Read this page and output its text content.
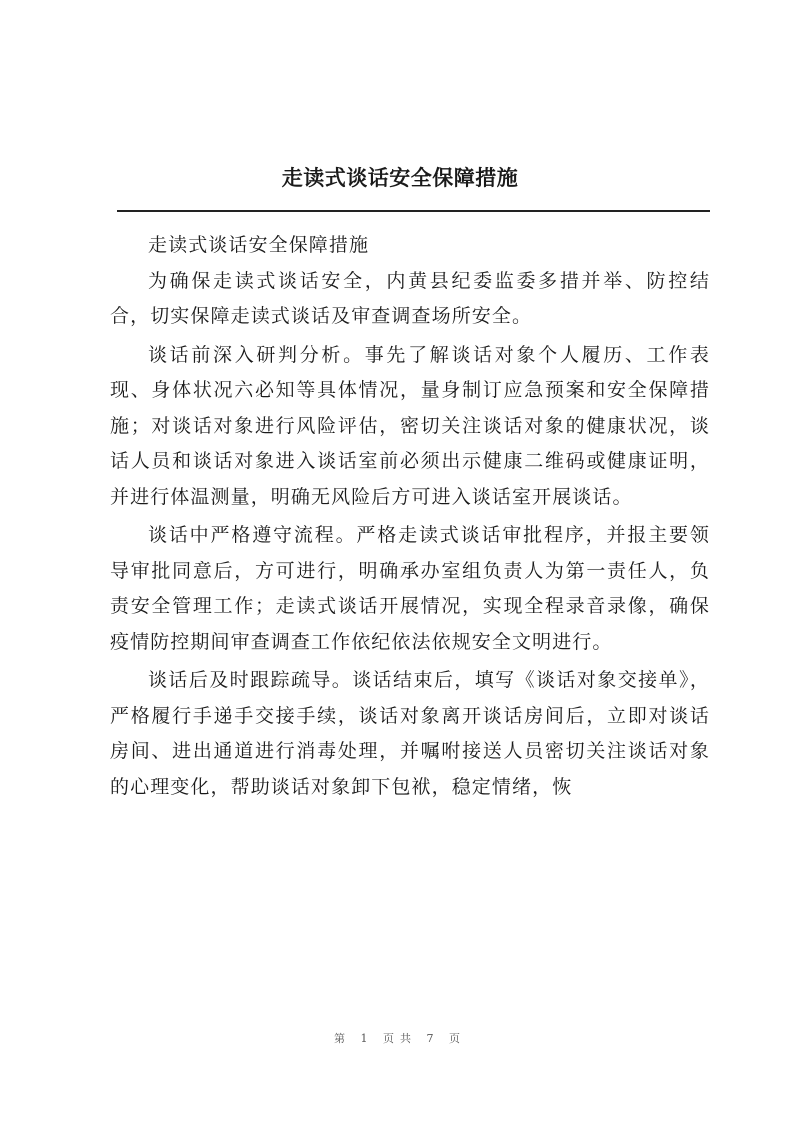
走读式谈话安全保障措施

走读式谈话安全保障措施

为确保走读式谈话安全，内黄县纪委监委多措并举、防控结合，切实保障走读式谈话及审查调查场所安全。

谈话前深入研判分析。事先了解谈话对象个人履历、工作表现、身体状况六必知等具体情况，量身制订应急预案和安全保障措施；对谈话对象进行风险评估，密切关注谈话对象的健康状况，谈话人员和谈话对象进入谈话室前必须出示健康二维码或健康证明，并进行体温测量，明确无风险后方可进入谈话室开展谈话。

谈话中严格遵守流程。严格走读式谈话审批程序，并报主要领导审批同意后，方可进行，明确承办室组负责人为第一责任人，负责安全管理工作；走读式谈话开展情况，实现全程录音录像，确保疫情防控期间审查调查工作依纪依法依规安全文明进行。

谈话后及时跟踪疏导。谈话结束后，填写《谈话对象交接单》，严格履行手递手交接手续，谈话对象离开谈话房间后，立即对谈话房间、进出通道进行消毒处理，并嘱咐接送人员密切关注谈话对象的心理变化，帮助谈话对象卸下包袱，稳定情绪，恢

第 1 页共 7 页
